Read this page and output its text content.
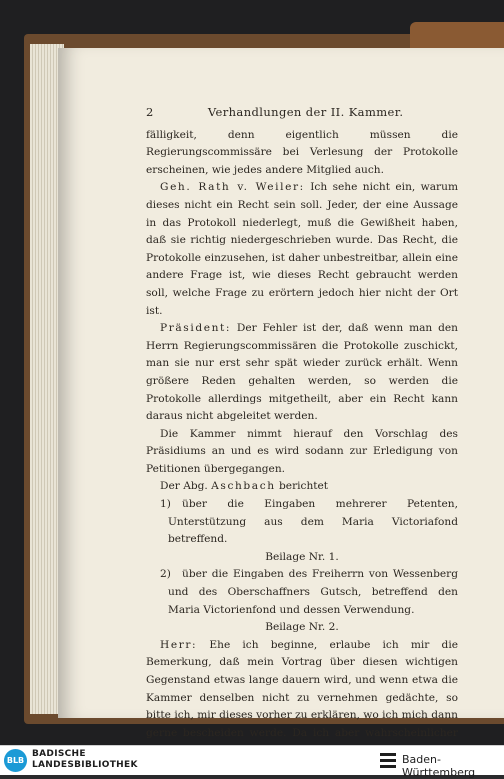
2	Verhandlungen der II. Kammer.

fälligkeit, denn eigentlich müssen die Regierungscommissäre bei Verlesung der Protokolle erscheinen, wie jedes andere Mitglied auch.

Geh. Rath v. Weiler: Ich sehe nicht ein, warum dieses nicht ein Recht sein soll. Jeder, der eine Aussage in das Protokoll niederlegt, muß die Gewißheit haben, daß sie richtig niedergeschrieben wurde. Das Recht, die Protokolle einzusehen, ist daher unbestreitbar, allein eine andere Frage ist, wie dieses Recht gebraucht werden soll, welche Frage zu erörtern jedoch hier nicht der Ort ist.

Präsident: Der Fehler ist der, daß wenn man den Herrn Regierungscommissären die Protokolle zuschickt, man sie nur erst sehr spät wieder zurück erhält. Wenn größere Reden gehalten werden, so werden die Protokolle allerdings mitgetheilt, aber ein Recht kann daraus nicht abgeleitet werden.

Die Kammer nimmt hierauf den Vorschlag des Präsidiums an und es wird sodann zur Erledigung von Petitionen übergegangen.

Der Abg. Aschbach berichtet

1)	über die Eingaben mehrerer Petenten, Unterstützung aus dem Maria Victoriafond betreffend.

Beilage Nr. 1.

2)	über die Eingaben des Freiherrn von Wessenberg und des Oberschaffners Gutsch, betreffend den Maria Victorienfond und dessen Verwendung.

Beilage Nr. 2.

Herr: Ehe ich beginne, erlaube ich mir die Bemerkung, daß mein Vortrag über diesen wichtigen Gegenstand etwas lange dauern wird, und wenn etwa die Kammer denselben nicht zu vernehmen gedächte, so bitte ich, mir dieses vorher zu erklären, wo ich mich dann gerne bescheiden werde. Da ich aber wahrscheinlicher

BLB
BADISCHE
LANDESBIBLIOTHEK	Baden-Württemberg
